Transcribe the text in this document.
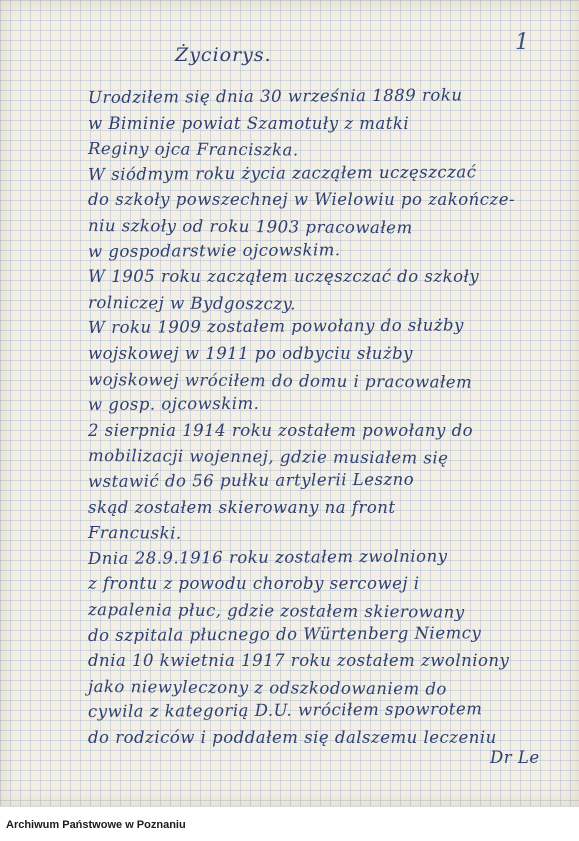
1
Życiorys.
Urodziłem się dnia 30 września 1889 roku
w Biminie powiat Szamotuły z matki
Reginy ojca Franciszka.
W siódmym roku życia zacząłem uczęszczać
do szkoły powszechnej w Wielowiu po zakończe-
niu szkoły od roku 1903 pracowałem
w gospodarstwie ojcowskim.
W 1905 roku zacząłem uczęszczać do szkoły
rolniczej w Bydgoszczy.
W roku 1909 zostałem powołany do służby
wojskowej w 1911 po odbyciu służby
wojskowej wróciłem do domu i pracowałem
w gosp. ojcowskim.
2 sierpnia 1914 roku zostałem powołany do
mobilizacji wojennej, gdzie musiałem się
wstawić do 56 pułku artylerii Leszno
skąd zostałem skierowany na front
Francuski.
Dnia 28.9.1916 roku zostałem zwolniony
z frontu z powodu choroby sercowej i
zapalenia płuc, gdzie zostałem skierowany
do szpitala płucnego do Würtenberg Niemcy
dnia 10 kwietnia 1917 roku zostałem zwolniony
jako niewyleczony z odszkodowaniem do
cywila z kategorią D.U. wróciłem spowrotem
do rodziców i poddałem się dalszemu leczeniu
Dr Le
Archiwum Państwowe w Poznaniu
